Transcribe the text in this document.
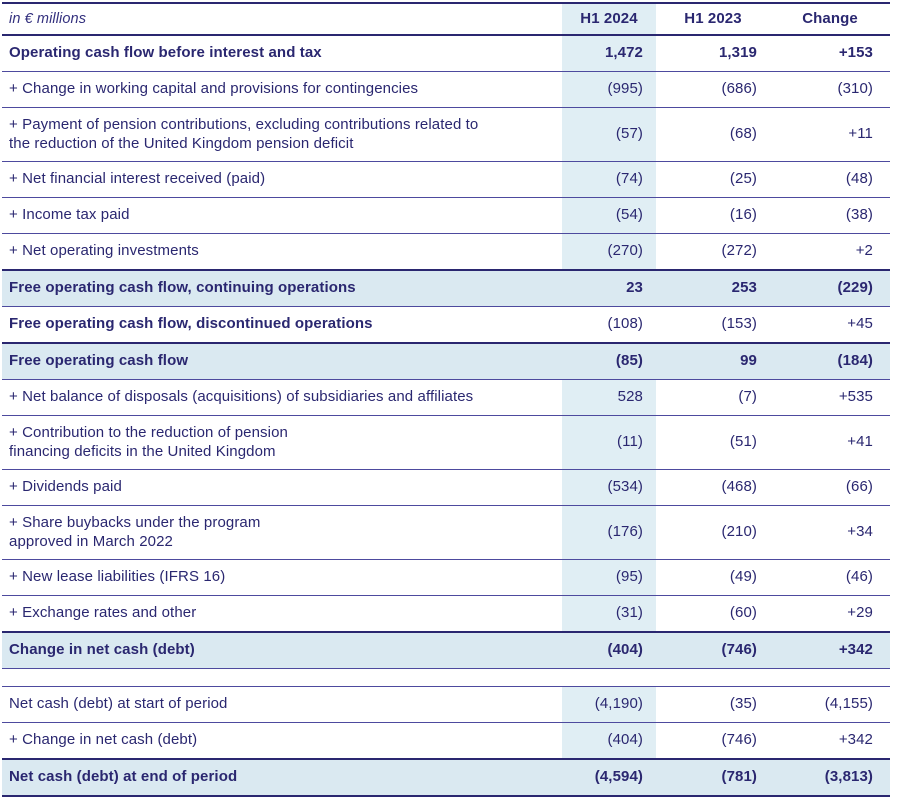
in € millions	H1 2024	H1 2023	Change
Operating cash flow before interest and tax	1,472	1,319	+153
+ Change in working capital and provisions for contingencies	(995)	(686)	(310)
+ Payment of pension contributions, excluding contributions related to
the reduction of the United Kingdom pension deficit
(57)	(68)	+11
+ Net financial interest received (paid)	(74)	(25)	(48)
+ Income tax paid	(54)	(16)	(38)
+ Net operating investments	(270)	(272)	+2
Free operating cash flow, continuing operations	23	253	(229)
Free operating cash flow, discontinued operations	(108)	(153)	+45
Free operating cash flow	(85)	99	(184)
+ Net balance of disposals (acquisitions) of subsidiaries and affiliates	528	(7)	+535
+ Contribution to the reduction of pension
financing deficits in the United Kingdom
(11)	(51)	+41
+ Dividends paid	(534)	(468)	(66)
+ Share buybacks under the program
approved in March 2022
(176)	(210)	+34
+ New lease liabilities (IFRS 16)	(95)	(49)	(46)
+ Exchange rates and other	(31)	(60)	+29
Change in net cash (debt)	(404)	(746)	+342
Net cash (debt) at start of period	(4,190)	(35)	(4,155)
+ Change in net cash (debt)	(404)	(746)	+342
Net cash (debt) at end of period	(4,594)	(781)	(3,813)
